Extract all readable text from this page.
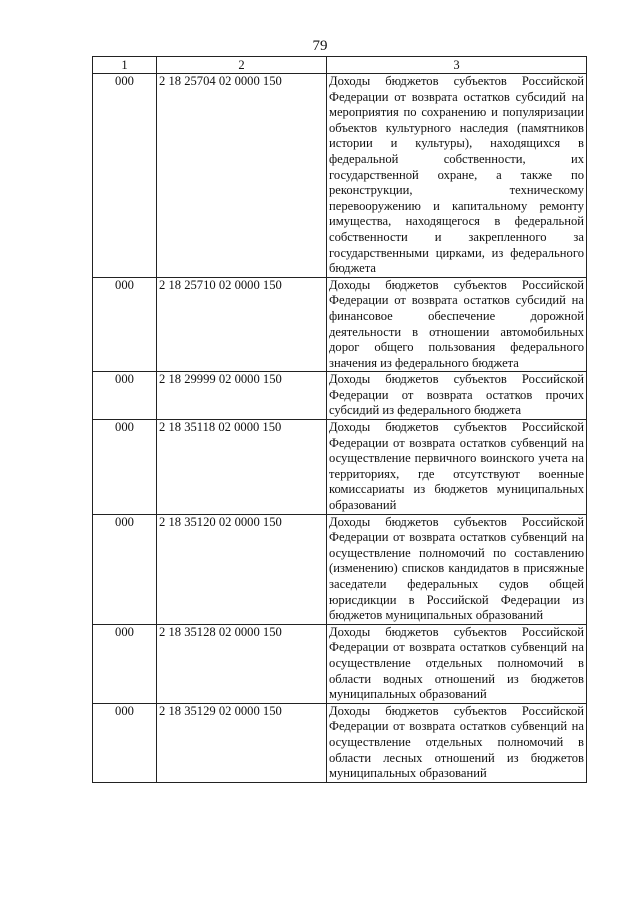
79
1	2	3
000	2 18 25704 02 0000 150	Доходы бюджетов субъектов Российской Федерации от возврата остатков субсидий на мероприятия по сохранению и популяризации объектов культурного наследия (памятников истории и культуры), находящихся в федеральной собственности, их государственной охране, а также по реконструкции, техническому перевооружению и капитальному ремонту имущества, находящегося в федеральной собственности и закрепленного за государственными цирками, из федерального бюджета
000	2 18 25710 02 0000 150	Доходы бюджетов субъектов Российской Федерации от возврата остатков субсидий на финансовое обеспечение дорожной деятельности в отношении автомобильных дорог общего пользования федерального значения из федерального бюджета
000	2 18 29999 02 0000 150	Доходы бюджетов субъектов Российской Федерации от возврата остатков прочих субсидий из федерального бюджета
000	2 18 35118 02 0000 150	Доходы бюджетов субъектов Российской Федерации от возврата остатков субвенций на осуществление первичного воинского учета на территориях, где отсутствуют военные комиссариаты из бюджетов муниципальных образований
000	2 18 35120 02 0000 150	Доходы бюджетов субъектов Российской Федерации от возврата остатков субвенций на осуществление полномочий по составлению (изменению) списков кандидатов в присяжные заседатели федеральных судов общей юрисдикции в Российской Федерации из бюджетов муниципальных образований
000	2 18 35128 02 0000 150	Доходы бюджетов субъектов Российской Федерации от возврата остатков субвенций на осуществление отдельных полномочий в области водных отношений из бюджетов муниципальных образований
000	2 18 35129 02 0000 150	Доходы бюджетов субъектов Российской Федерации от возврата остатков субвенций на осуществление отдельных полномочий в области лесных отношений из бюджетов муниципальных образований
